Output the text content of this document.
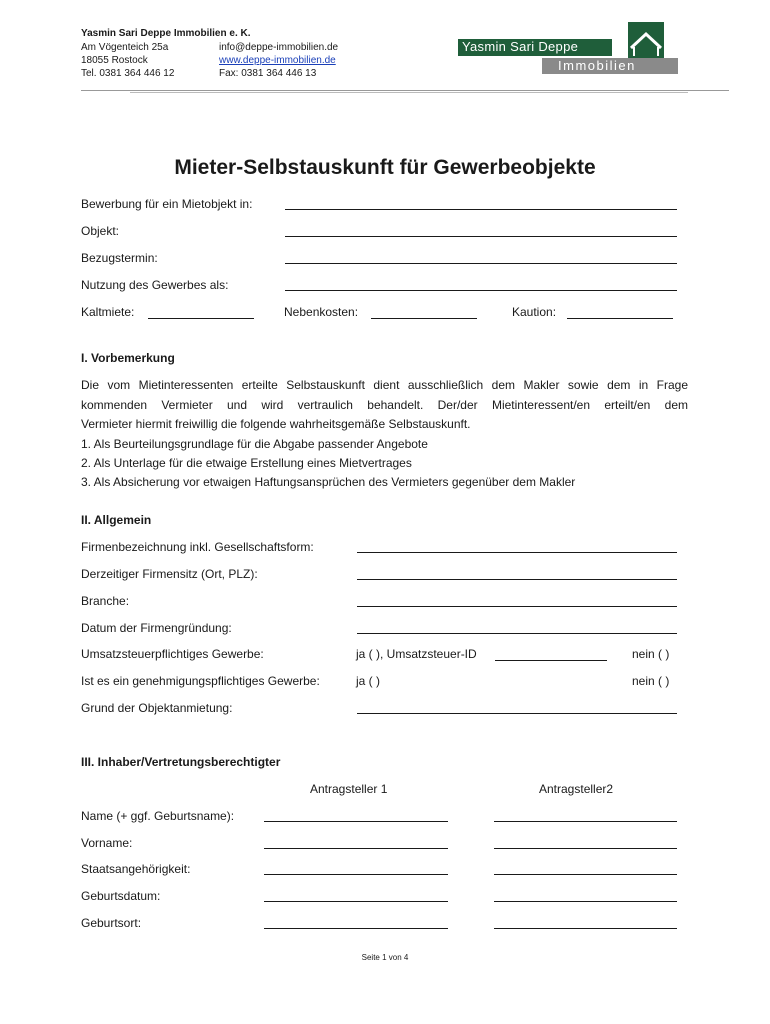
Yasmin Sari Deppe Immobilien e. K.
Am Vögenteich 25a
18055 Rostock
Tel. 0381 364 446 12
info@deppe-immobilien.de
www.deppe-immobilien.de
Fax: 0381 364 446 13
Yasmin Sari Deppe
Immobilien
Mieter-Selbstauskunft für Gewerbeobjekte
Bewerbung für ein Mietobjekt in:
Objekt:
Bezugstermin:
Nutzung des Gewerbes als:
Kaltmiete:	Nebenkosten:	Kaution:
I. Vorbemerkung
Die vom Mietinteressenten erteilte Selbstauskunft dient ausschließlich dem Makler sowie dem in Frage
kommenden Vermieter und wird vertraulich behandelt. Der/der Mietinteressent/en erteilt/en dem
Vermieter hiermit freiwillig die folgende wahrheitsgemäße Selbstauskunft.
1. Als Beurteilungsgrundlage für die Abgabe passender Angebote
2. Als Unterlage für die etwaige Erstellung eines Mietvertrages
3. Als Absicherung vor etwaigen Haftungsansprüchen des Vermieters gegenüber dem Makler
II. Allgemein
Firmenbezeichnung inkl. Gesellschaftsform:
Derzeitiger Firmensitz (Ort, PLZ):
Branche:
Datum der Firmengründung:
Umsatzsteuerpflichtiges Gewerbe:	ja ( ), Umsatzsteuer-ID	nein ( )
Ist es ein genehmigungspflichtiges Gewerbe:	ja ( )	nein ( )
Grund der Objektanmietung:
III. Inhaber/Vertretungsberechtigter
Antragsteller 1	Antragsteller2
Name (+ ggf. Geburtsname):
Vorname:
Staatsangehörigkeit:
Geburtsdatum:
Geburtsort:
Seite 1 von 4
